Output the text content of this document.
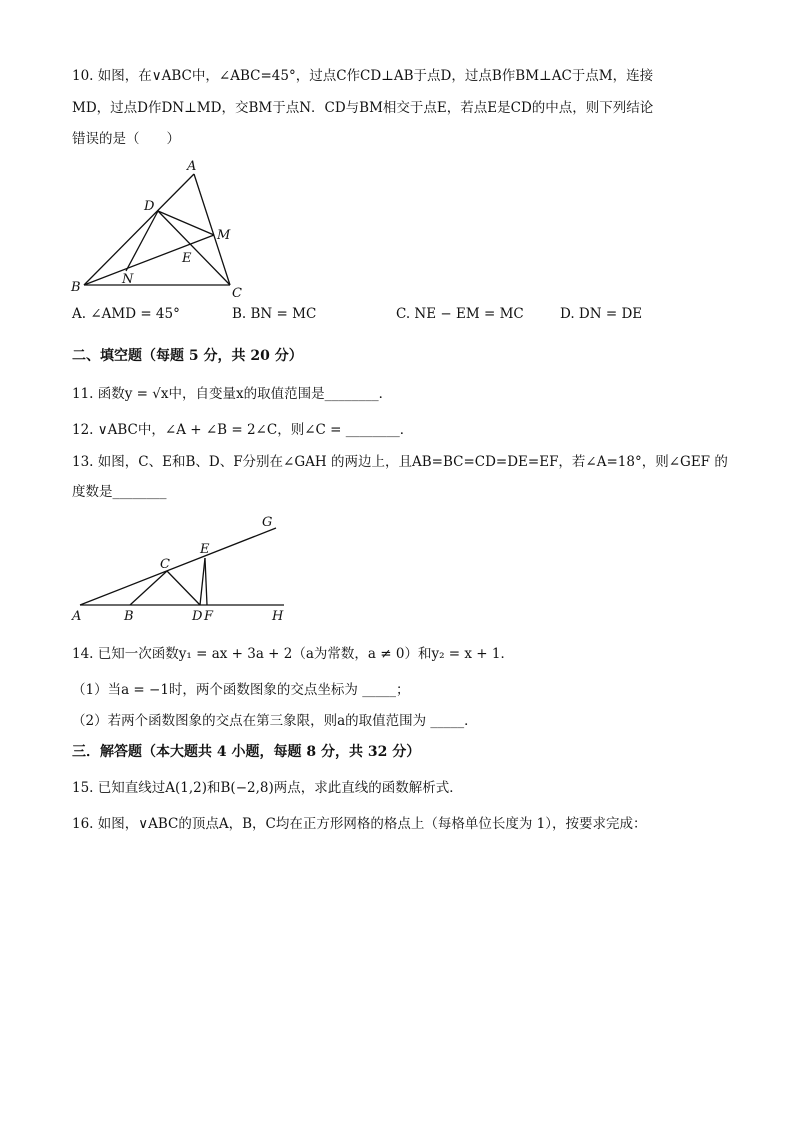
10. 如图，在∨ABC中，∠ABC=45°，过点C作CD⊥AB于点D，过点B作BM⊥AC于点M，连接
MD，过点D作DN⊥MD，交BM于点N．CD与BM相交于点E，若点E是CD的中点，则下列结论
错误的是（　　）
A
B	C
D
E
M
N
A. ∠AMD = 45°	B. BN = MC	C. NE − EM = MC	D. DN = DE
二、填空题（每题 5 分，共 20 分）
11. 函数y = √x中，自变量x的取值范围是________．
12. ∨ABC中，∠A + ∠B = 2∠C，则∠C = ________．
13. 如图，C、E和B、D、F分别在∠GAH 的两边上，且AB=BC=CD=DE=EF，若∠A=18°，则∠GEF 的
度数是________
A	B
C
D
E
F
G
H
14. 已知一次函数y₁ = ax + 3a + 2（a为常数，a ≠ 0）和y₂ = x + 1．
（1）当a = −1时，两个函数图象的交点坐标为 _____；
（2）若两个函数图象的交点在第三象限，则a的取值范围为 _____．
三．解答题（本大题共 4 小题，每题 8 分，共 32 分）
15. 已知直线过A(1,2)和B(−2,8)两点，求此直线的函数解析式．
16. 如图，∨ABC的顶点A，B，C均在正方形网格的格点上（每格单位长度为 1），按要求完成：
